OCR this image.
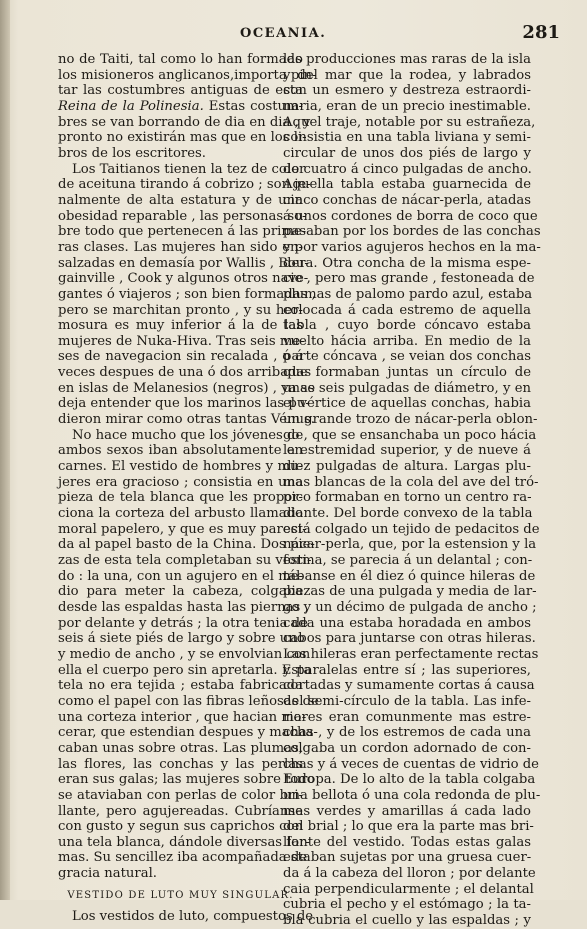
OCEANIA.	281
no de Taiti, tal como lo han formado
los misioneros anglicanos,importa pin-
tar las costumbres antiguas de esta
Reina de la Polinesia. Estas costum-
bres se van borrando de dia en dia , y
pronto no existirán mas que en los li-
bros de los escritores.
Los Taitianos tienen la tez de color
de aceituna tirando á cobrizo ; son je-
nalmente de alta estatura y de una
obesidad reparable , las personas so-
bre todo que pertenecen á las prime-
ras clases. Las mujeres han sido en-
salzadas en demasía por Wallis , Bou-
gainville , Cook y algunos otros nave-
gantes ó viajeros ; son bien formadas ,
pero se marchitan pronto , y su her-
mosura es muy inferior á la de las
mujeres de Nuka-Hiva. Tras seis me-
ses de navegacion sin recalada , ó á
veces despues de una ó dos arribadas
en islas de Melanesios (negros) , ya se
deja entender que los marinos las pu-
dieron mirar como otras tantas Vénus.
No hace mucho que los jóvenes de
ambos sexos iban absolutamente en
carnes. El vestido de hombres y mu-
jeres era gracioso ; consistia en una
pieza de tela blanca que les propor-
ciona la corteza del arbusto llamado
moral papelero, y que es muy pareci-
da al papel basto de la China. Dos pie-
zas de esta tela completaban su vesti-
do : la una, con un agujero en el me-
dio para meter la cabeza, colgaba
desde las espaldas hasta las piernas ,
por delante y detrás ; la otra tenia de
seis á siete piés de largo y sobre uno
y medio de ancho , y se envolvian con
ella el cuerpo pero sin apretarla. Esta
tela no era tejida ; estaba fabricada
como el papel con las fibras leñosas de
una corteza interior , que hacian ma-
cerar, que estendian despues y macha-
caban unas sobre otras. Las plumas,
las flores, las conchas y las perlas
eran sus galas; las mujeres sobre todo
se ataviaban con perlas de color bri-
llante, pero agujereadas. Cubríanse
con gusto y segun sus caprichos con
una tela blanca, dándole diversas for-
mas. Su sencillez iba acompañada de
gracia natural.
VESTIDO DE LUTO MUY SINGULAR.
Los vestidos de luto, compuestos de
las producciones mas raras de la isla
y del mar que la rodea, y labrados
con un esmero y destreza estraordi-
naria, eran de un precio inestimable.
Aquel traje, notable por su estrañeza,
consistia en una tabla liviana y semi-
circular de unos dos piés de largo y
de cuatro á cinco pulgadas de ancho.
Aquella tabla estaba guarnecida de
cinco conchas de nácar-perla, atadas
á unos cordones de borra de coco que
pasaban por los bordes de las conchas
y por varios agujeros hechos en la ma-
dera. Otra concha de la misma espe-
cie , pero mas grande , festoneada de
plumas de palomo pardo azul, estaba
colocada á cada estremo de aquella
tabla , cuyo borde cóncavo estaba
vuelto hácia arriba. En medio de la
parte cóncava , se veian dos conchas
que formaban juntas un círculo de
unas seis pulgadas de diámetro, y en
el vértice de aquellas conchas, habia
un grande trozo de nácar-perla oblon-
go , que se ensanchaba un poco hácia
la estremidad superior, y de nueve á
diez pulgadas de altura. Largas plu-
mas blancas de la cola del ave del tró-
pico formaban en torno un centro ra-
diante. Del borde convexo de la tabla
está colgado un tejido de pedacitos de
nácar-perla, que, por la estension y la
forma, se parecia á un delantal ; con-
tábanse en él diez ó quince hileras de
piezas de una pulgada y media de lar-
go y un décimo de pulgada de ancho ;
cada una estaba horadada en ambos
cabos para juntarse con otras hileras.
Las hileras eran perfectamente rectas
y paralelas entre sí ; las superiores,
cortadas y sumamente cortas á causa
del semi-círculo de la tabla. Las infe-
riores eran comunmente mas estre-
chas , y de los estremos de cada una
colgaba un cordon adornado de con-
chas y á veces de cuentas de vidrio de
Europa. De lo alto de la tabla colgaba
una bellota ó una cola redonda de plu-
mas verdes y amarillas á cada lado
del brial ; lo que era la parte mas bri-
llante del vestido. Todas estas galas
estaban sujetas por una gruesa cuer-
da á la cabeza del lloron ; por delante
caia perpendicularmente ; el delantal
cubria el pecho y el estómago ; la ta-
bla cubria el cuello y las espaldas ; y
